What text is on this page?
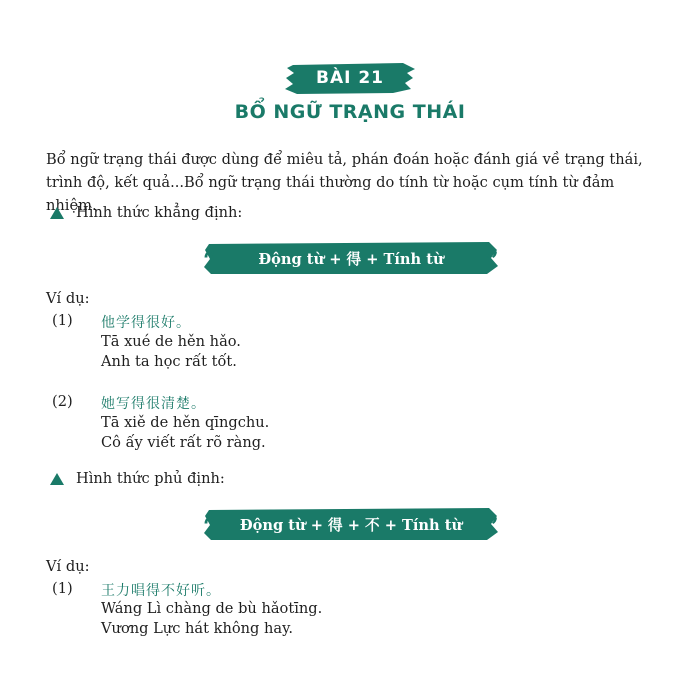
BÀI 21
BỔ NGỮ TRẠNG THÁI
Bổ ngữ trạng thái được dùng để miêu tả, phán đoán hoặc đánh giá về trạng thái, trình độ, kết quả...Bổ ngữ trạng thái thường do tính từ hoặc cụm tính từ đảm nhiệm.
Hình thức khẳng định:
Động từ + 得 + Tính từ
“	”
Ví dụ:
(1) 他学得很好。
Tā xué de hěn hǎo.
Anh ta học rất tốt.
(2) 她写得很清楚。
Tā xiě de hěn qīngchu.
Cô ấy viết rất rõ ràng.
Hình thức phủ định:
Động từ + 得 + 不 + Tính từ
“	”
Ví dụ:
(1) 王力唱得不好听。
Wáng Lì chàng de bù hǎotīng.
Vương Lực hát không hay.
